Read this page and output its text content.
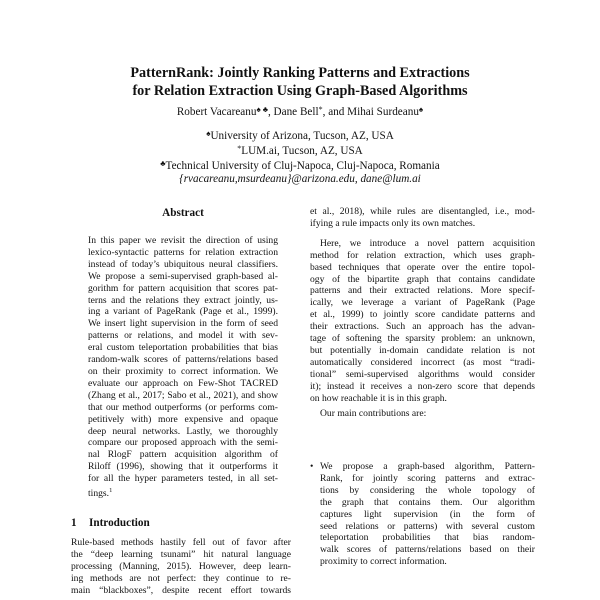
PatternRank: Jointly Ranking Patterns and Extractions
for Relation Extraction Using Graph-Based Algorithms
Robert Vacareanu♠ ♣, Dane Bell*, and Mihai Surdeanu♠
♠University of Arizona, Tucson, AZ, USA
*LUM.ai, Tucson, AZ, USA
♣Technical University of Cluj-Napoca, Cluj-Napoca, Romania
{rvacareanu,msurdeanu}@arizona.edu, dane@lum.ai
Abstract
In this paper we revisit the direction of using
lexico-syntactic patterns for relation extraction
instead of today’s ubiquitous neural classifiers.
We propose a semi-supervised graph-based al-
gorithm for pattern acquisition that scores pat-
terns and the relations they extract jointly, us-
ing a variant of PageRank (Page et al., 1999).
We insert light supervision in the form of seed
patterns or relations, and model it with sev-
eral custom teleportation probabilities that bias
random-walk scores of patterns/relations based
on their proximity to correct information. We
evaluate our approach on Few-Shot TACRED
(Zhang et al., 2017; Sabo et al., 2021), and show
that our method outperforms (or performs com-
petitively with) more expensive and opaque
deep neural networks. Lastly, we thoroughly
compare our proposed approach with the semi-
nal RlogF pattern acquisition algorithm of
Riloff (1996), showing that it outperforms it
for all the hyper parameters tested, in all set-
tings.$^1$
1 Introduction
Rule-based methods hastily fell out of favor after
the “deep learning tsunami” hit natural language
processing (Manning, 2015). However, deep learn-
ing methods are not perfect: they continue to re-
main “blackboxes”, despite recent effort towards
et al., 2018), while rules are disentangled, i.e., mod-
ifying a rule impacts only its own matches.
Here, we introduce a novel pattern acquisition
method for relation extraction, which uses graph-
based techniques that operate over the entire topol-
ogy of the bipartite graph that contains candidate
patterns and their extracted relations. More specif-
ically, we leverage a variant of PageRank (Page
et al., 1999) to jointly score candidate patterns and
their extractions. Such an approach has the advan-
tage of softening the sparsity problem: an unknown,
but potentially in-domain candidate relation is not
automatically considered incorrect (as most “tradi-
tional” semi-supervised algorithms would consider
it); instead it receives a non-zero score that depends
on how reachable it is in this graph.
Our main contributions are:
• We propose a graph-based algorithm, Pattern-
Rank, for jointly scoring patterns and extrac-
tions by considering the whole topology of
the graph that contains them. Our algorithm
captures light supervision (in the form of
seed relations or patterns) with several custom
teleportation probabilities that bias random-
walk scores of patterns/relations based on their
proximity to correct information.
